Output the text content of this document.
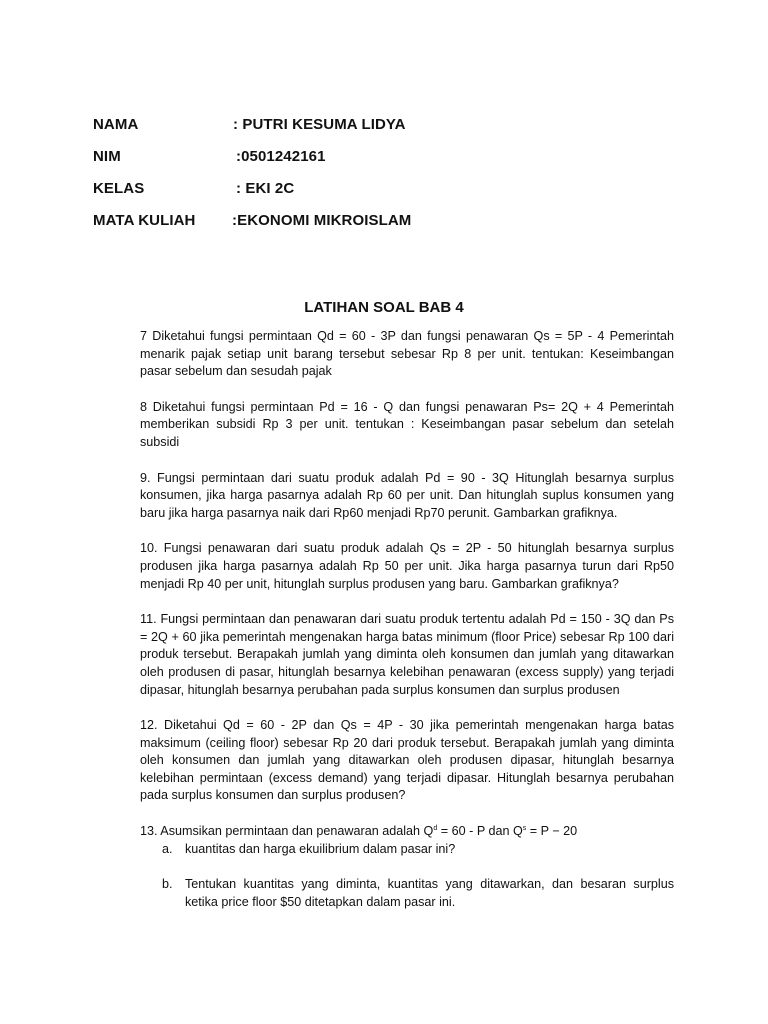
NAMA	: PUTRI KESUMA LIDYA
NIM	:0501242161
KELAS	: EKI 2C
MATA KULIAH :EKONOMI MIKROISLAM
LATIHAN SOAL BAB 4

7 Diketahui fungsi permintaan Qd = 60 - 3P dan fungsi penawaran Qs = 5P - 4 Pemerintah menarik pajak setiap unit barang tersebut sebesar Rp 8 per unit. tentukan: Keseimbangan pasar sebelum dan sesudah pajak

8 Diketahui fungsi permintaan Pd = 16 - Q dan fungsi penawaran Ps= 2Q + 4 Pemerintah memberikan subsidi Rp 3 per unit. tentukan : Keseimbangan pasar sebelum dan setelah subsidi

9. Fungsi permintaan dari suatu produk adalah Pd = 90 - 3Q Hitunglah besarnya surplus konsumen, jika harga pasarnya adalah Rp 60 per unit. Dan hitunglah suplus konsumen yang baru jika harga pasarnya naik dari Rp60 menjadi Rp70 perunit. Gambarkan grafiknya.

10. Fungsi penawaran dari suatu produk adalah Qs = 2P - 50 hitunglah besarnya surplus produsen jika harga pasarnya adalah Rp 50 per unit. Jika harga pasarnya turun dari Rp50 menjadi Rp 40 per unit, hitunglah surplus produsen yang baru. Gambarkan grafiknya?

11. Fungsi permintaan dan penawaran dari suatu produk tertentu adalah Pd = 150 - 3Q dan Ps = 2Q + 60 jika pemerintah mengenakan harga batas minimum (floor Price) sebesar Rp 100 dari produk tersebut. Berapakah jumlah yang diminta oleh konsumen dan jumlah yang ditawarkan oleh produsen di pasar, hitunglah besarnya kelebihan penawaran (excess supply) yang terjadi dipasar, hitunglah besarnya perubahan pada surplus konsumen dan surplus produsen

12. Diketahui Qd = 60 - 2P dan Qs = 4P - 30 jika pemerintah mengenakan harga batas maksimum (ceiling floor) sebesar Rp 20 dari produk tersebut. Berapakah jumlah yang diminta oleh konsumen dan jumlah yang ditawarkan oleh produsen dipasar, hitunglah besarnya kelebihan permintaan (excess demand) yang terjadi dipasar. Hitunglah besarnya perubahan pada surplus konsumen dan surplus produsen?

13. Asumsikan permintaan dan penawaran adalah $Q^d = 60 - P$ dan $Q^s = P - 20$

a. kuantitas dan harga ekuilibrium dalam pasar ini?
b. Tentukan kuantitas yang diminta, kuantitas yang ditawarkan, dan besaran surplus ketika price floor $50 ditetapkan dalam pasar ini.
